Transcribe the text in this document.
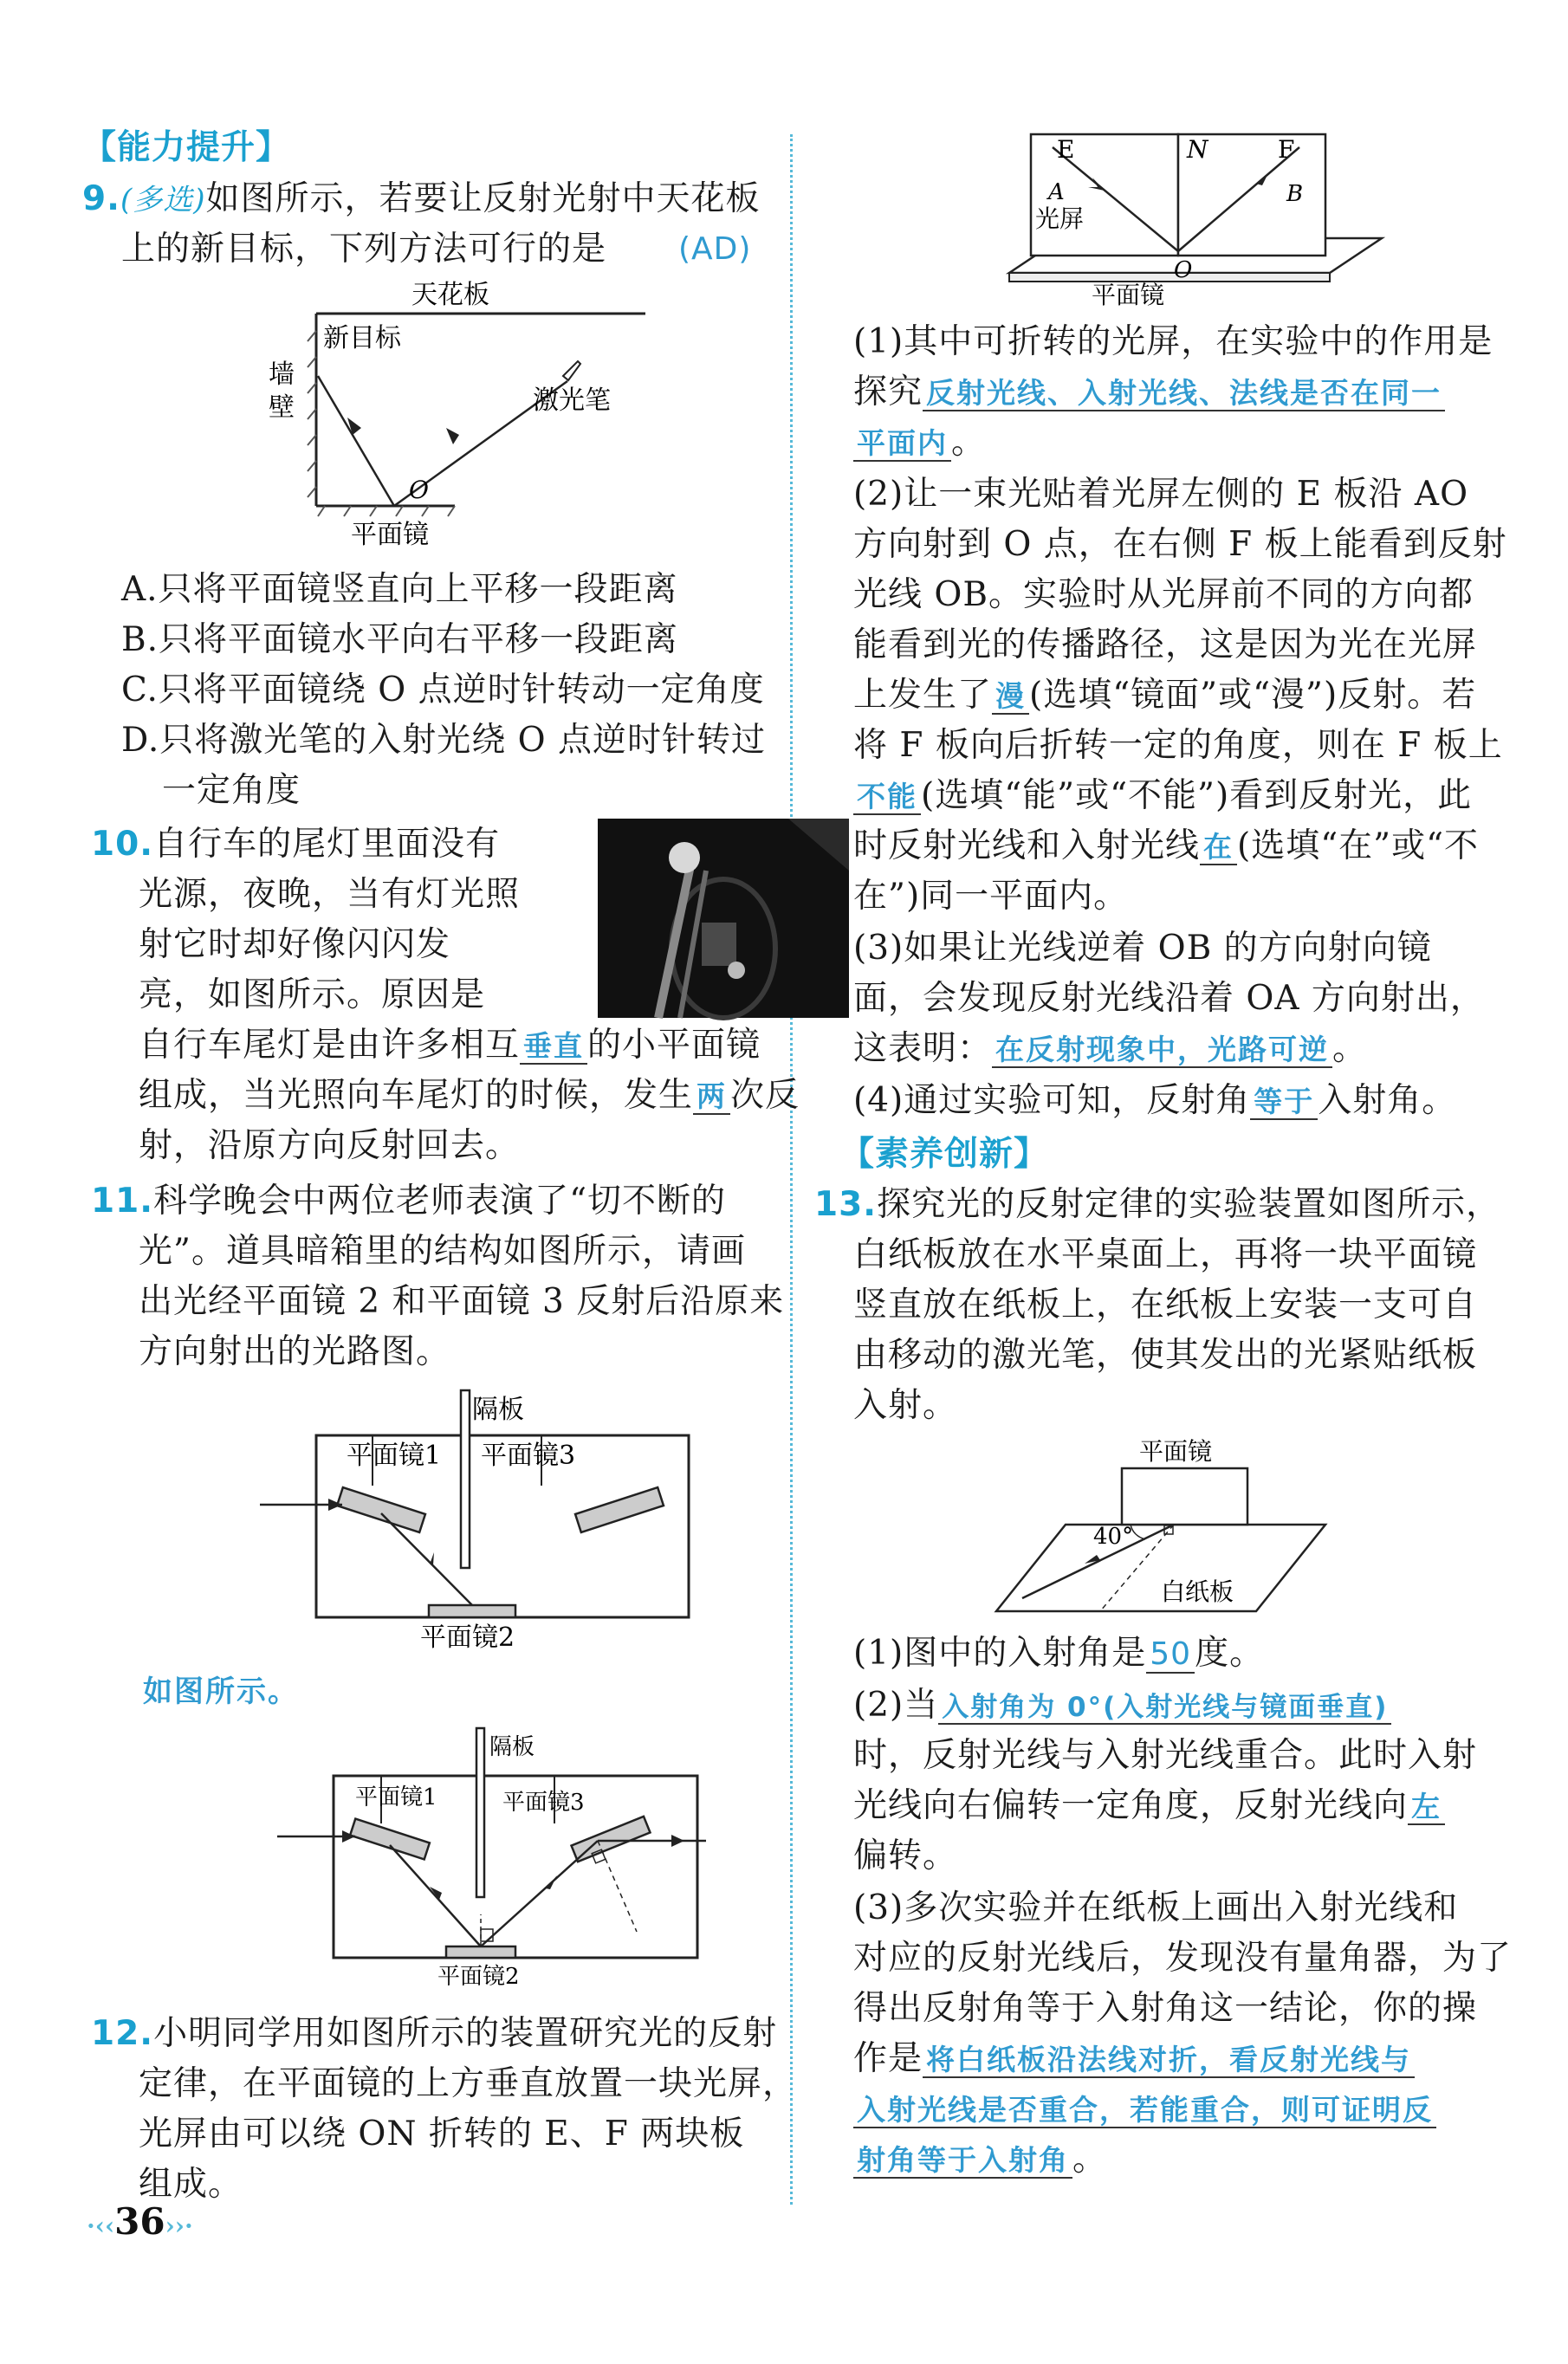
【能力提升】
9.(多选)如图所示，若要让反射光射中天花板
上的新目标，下列方法可行的是 (AD)
天花板
新目标
墙
壁	激光笔
O
平面镜
A.只将平面镜竖直向上平移一段距离
B.只将平面镜水平向右平移一段距离
C.只将平面镜绕 O 点逆时针转动一定角度
D.只将激光笔的入射光绕 O 点逆时针转过
一定角度
10.自行车的尾灯里面没有
光源，夜晚，当有灯光照
射它时却好像闪闪发
亮，如图所示。原因是
自行车尾灯是由许多相互 垂直 的小平面镜
组成，当光照向车尾灯的时候，发生 两 次反
射，沿原方向反射回去。
11.科学晚会中两位老师表演了“切不断的
光”。道具暗箱里的结构如图所示，请画
出光经平面镜 2 和平面镜 3 反射后沿原来
方向射出的光路图。
隔板
平面镜1 平面镜3
平面镜2
如图所示。
隔板
平面镜1	平面镜3
平面镜2
12.小明同学用如图所示的装置研究光的反射
定律，在平面镜的上方垂直放置一块光屏，
光屏由可以绕 ON 折转的 E、F 两块板
组成。
·‹‹36››·
E	N	F
A	B
光屏
O
平面镜
(1)其中可折转的光屏，在实验中的作用是
探究 反射光线、入射光线、法线是否在同一
平面内 。
(2)让一束光贴着光屏左侧的 E 板沿 AO
方向射到 O 点，在右侧 F 板上能看到反射
光线 OB。实验时从光屏前不同的方向都
能看到光的传播路径，这是因为光在光屏
上发生了 漫 (选填“镜面”或“漫”)反射。若
将 F 板向后折转一定的角度，则在 F 板上
不能 (选填“能”或“不能”)看到反射光，此
时反射光线和入射光线 在 (选填“在”或“不
在”)同一平面内。
(3)如果让光线逆着 OB 的方向射向镜
面，会发现反射光线沿着 OA 方向射出，
这表明： 在反射现象中，光路可逆 。
(4)通过实验可知，反射角 等于 入射角。
【素养创新】
13.探究光的反射定律的实验装置如图所示，
白纸板放在水平桌面上，再将一块平面镜
竖直放在纸板上，在纸板上安装一支可自
由移动的激光笔，使其发出的光紧贴纸板
入射。
40°
平面镜
白纸板
(1)图中的入射角是 50 度。
(2)当 入射角为 0°(入射光线与镜面垂直)
时，反射光线与入射光线重合。此时入射
光线向右偏转一定角度，反射光线向 左
偏转。
(3)多次实验并在纸板上画出入射光线和
对应的反射光线后，发现没有量角器，为了
得出反射角等于入射角这一结论，你的操
作是 将白纸板沿法线对折，看反射光线与
入射光线是否重合，若能重合，则可证明反
射角等于入射角 。
